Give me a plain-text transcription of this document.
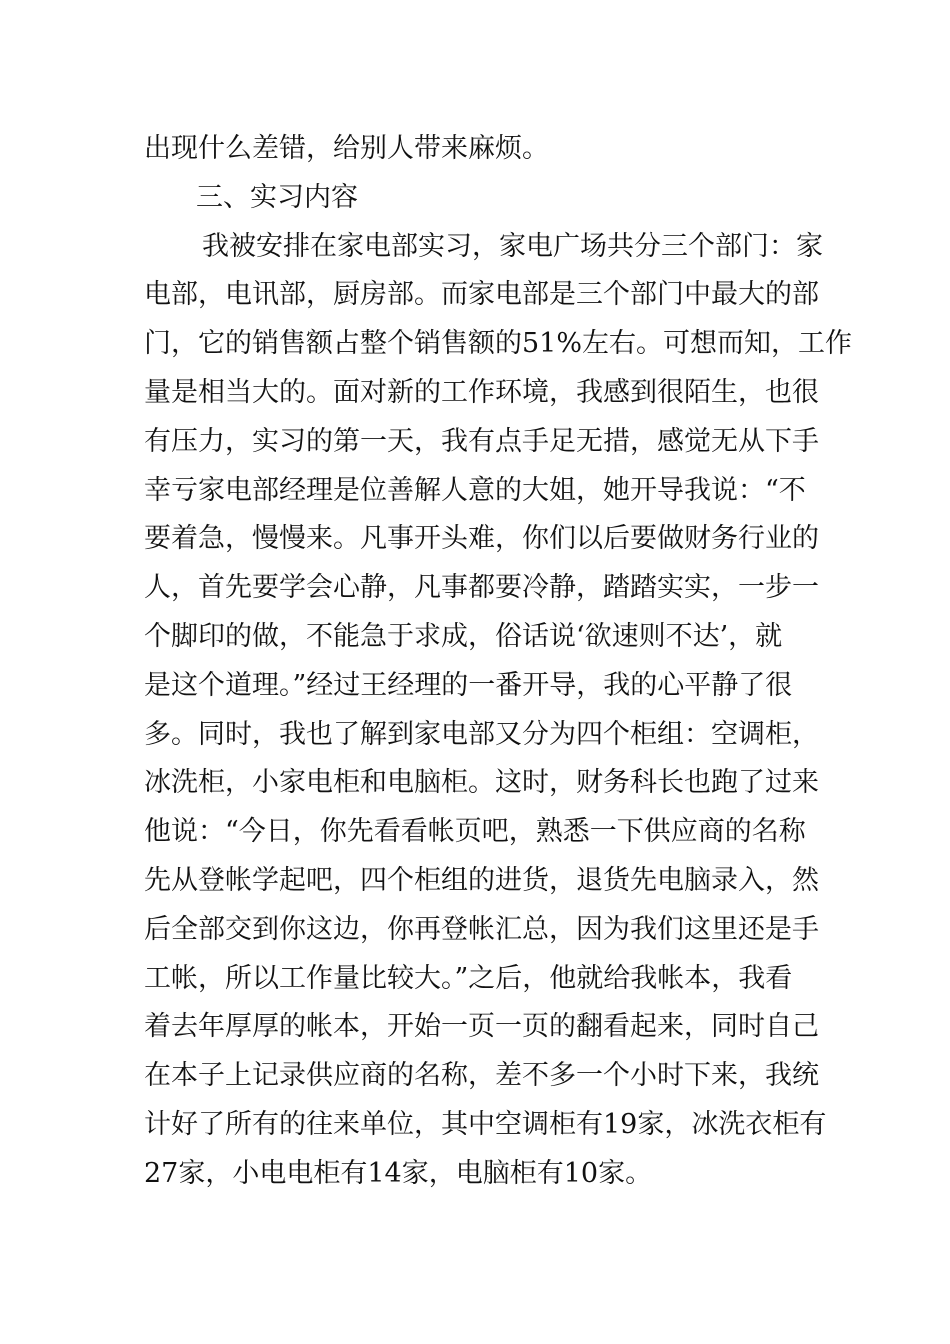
出现什么差错，给别人带来麻烦。
三、实习内容
我被安排在家电部实习，家电广场共分三个部门：家
电部，电讯部，厨房部。而家电部是三个部门中最大的部
门，它的销售额占整个销售额的51%左右。可想而知，工作
量是相当大的。面对新的工作环境，我感到很陌生，也很
有压力，实习的第一天，我有点手足无措，感觉无从下手
幸亏家电部经理是位善解人意的大姐，她开导我说：“不
要着急，慢慢来。凡事开头难，你们以后要做财务行业的
人，首先要学会心静，凡事都要冷静，踏踏实实，一步一
个脚印的做，不能急于求成，俗话说‘欲速则不达’，就
是这个道理。”经过王经理的一番开导，我的心平静了很
多。同时，我也了解到家电部又分为四个柜组：空调柜，
冰洗柜，小家电柜和电脑柜。这时，财务科长也跑了过来
他说：“今日，你先看看帐页吧，熟悉一下供应商的名称
先从登帐学起吧，四个柜组的进货，退货先电脑录入，然
后全部交到你这边，你再登帐汇总，因为我们这里还是手
工帐，所以工作量比较大。”之后，他就给我帐本，我看
着去年厚厚的帐本，开始一页一页的翻看起来，同时自己
在本子上记录供应商的名称，差不多一个小时下来，我统
计好了所有的往来单位，其中空调柜有19家，冰洗衣柜有
27家，小电电柜有14家，电脑柜有10家。
